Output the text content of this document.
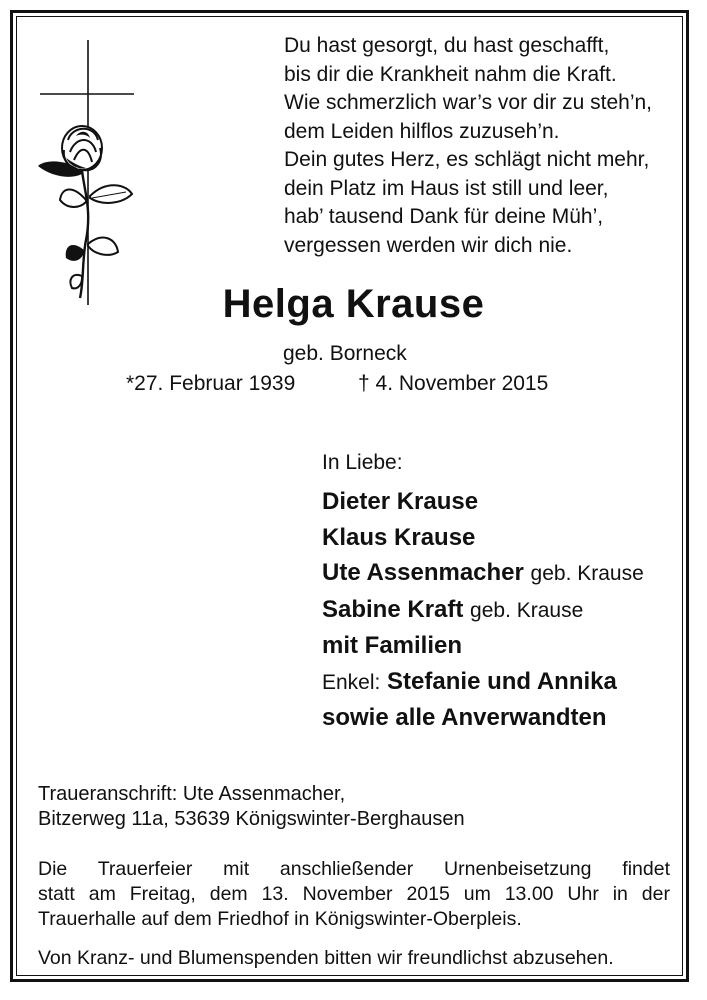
Du hast gesorgt, du hast geschafft,
bis dir die Krankheit nahm die Kraft.
Wie schmerzlich war’s vor dir zu steh’n,
dem Leiden hilflos zuzuseh’n.
Dein gutes Herz, es schlägt nicht mehr,
dein Platz im Haus ist still und leer,
hab’ tausend Dank für deine Müh’,
vergessen werden wir dich nie.
Helga Krause
geb. Borneck
*27. Februar 1939	† 4. November 2015
In Liebe:
Dieter Krause
Klaus Krause
Ute Assenmacher geb. Krause
Sabine Kraft geb. Krause
mit Familien
Enkel: Stefanie und Annika
sowie alle Anverwandten
Traueranschrift: Ute Assenmacher,
Bitzerweg 11a, 53639 Königswinter-Berghausen
Die Trauerfeier mit anschließender Urnenbeisetzung findet
statt am Freitag, dem 13. November 2015 um 13.00 Uhr in der
Trauerhalle auf dem Friedhof in Königswinter-Oberpleis.
Von Kranz- und Blumenspenden bitten wir freundlichst abzusehen.
